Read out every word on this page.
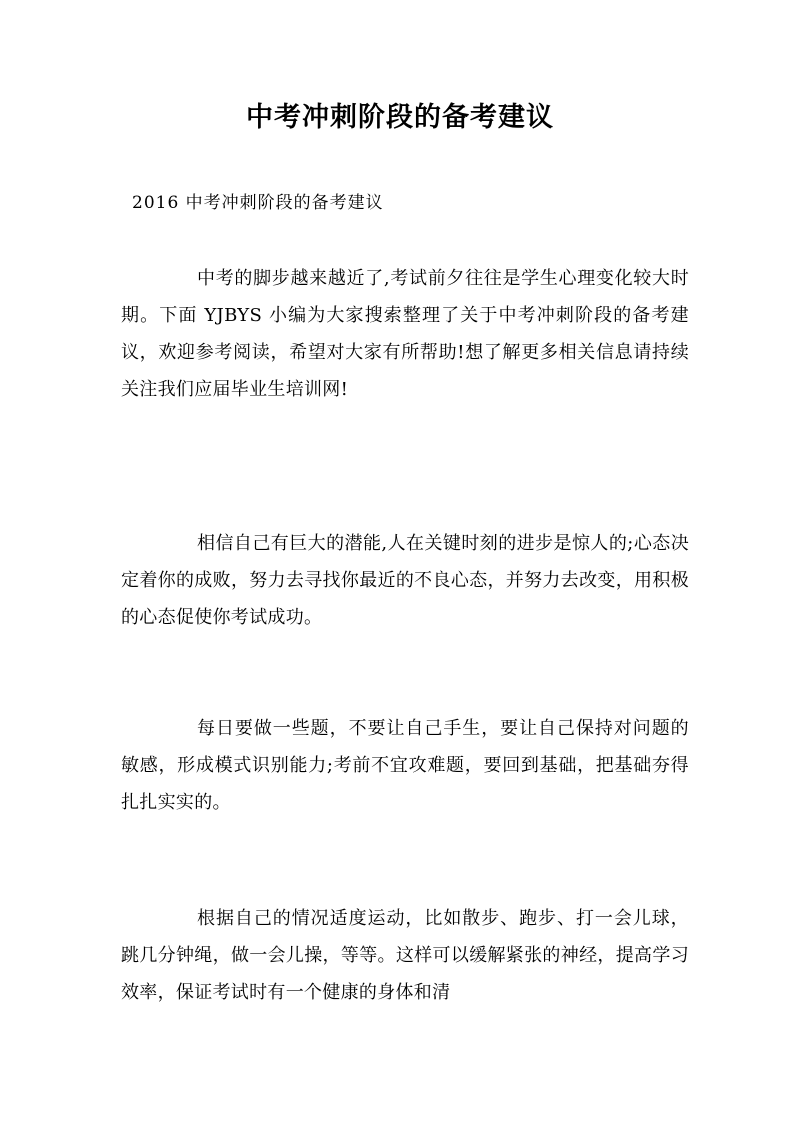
中考冲刺阶段的备考建议
2016 中考冲刺阶段的备考建议

中考的脚步越来越近了,考试前夕往往是学生心理变化较大时期。下面 YJBYS 小编为大家搜索整理了关于中考冲刺阶段的备考建议，欢迎参考阅读，希望对大家有所帮助!想了解更多相关信息请持续关注我们应届毕业生培训网!

相信自己有巨大的潜能,人在关键时刻的进步是惊人的;心态决定着你的成败，努力去寻找你最近的不良心态，并努力去改变，用积极的心态促使你考试成功。

每日要做一些题，不要让自己手生，要让自己保持对问题的敏感，形成模式识别能力;考前不宜攻难题，要回到基础，把基础夯得扎扎实实的。

根据自己的情况适度运动，比如散步、跑步、打一会儿球，跳几分钟绳，做一会儿操，等等。这样可以缓解紧张的神经，提高学习效率，保证考试时有一个健康的身体和清
